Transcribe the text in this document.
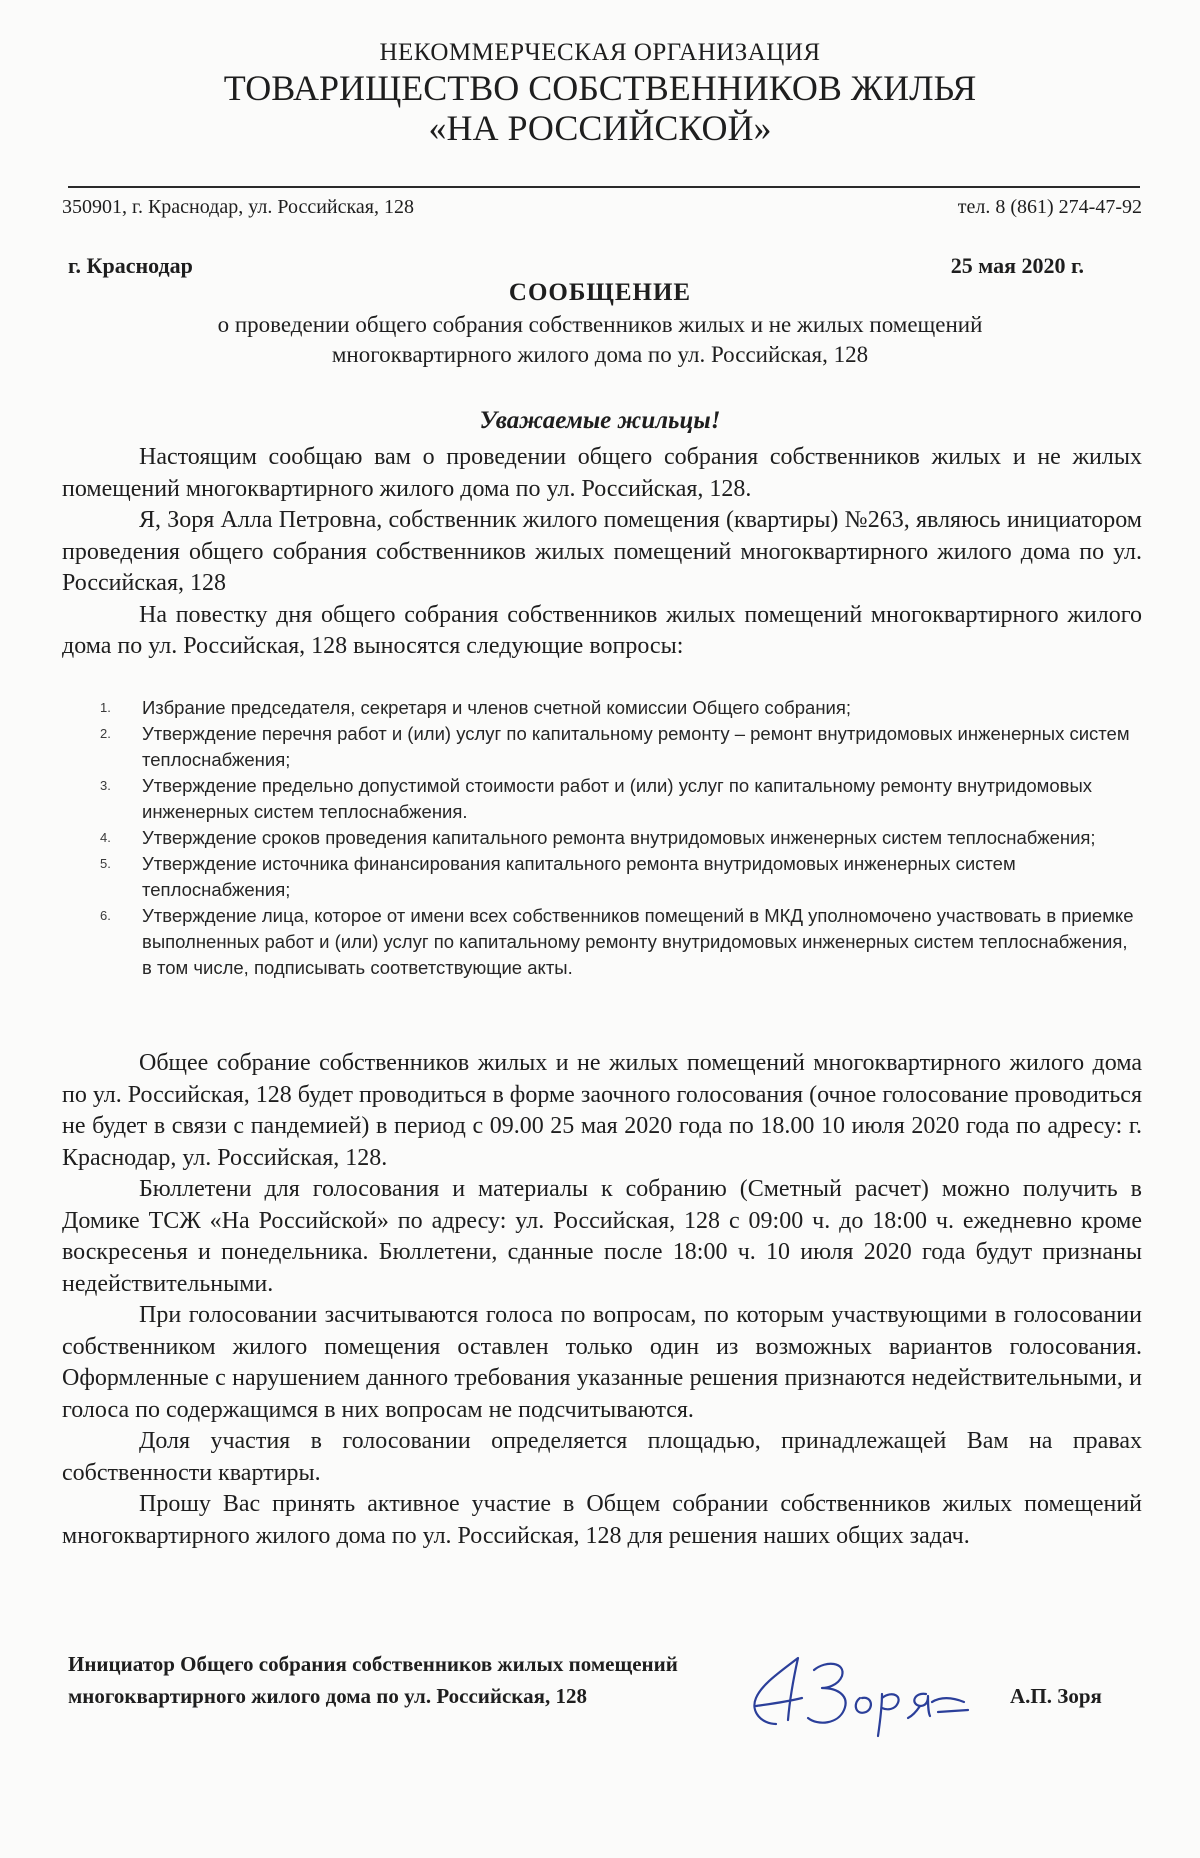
НЕКОММЕРЧЕСКАЯ ОРГАНИЗАЦИЯ
ТОВАРИЩЕСТВО СОБСТВЕННИКОВ ЖИЛЬЯ
«НА РОССИЙСКОЙ»
350901, г. Краснодар, ул. Российская, 128	тел. 8 (861) 274-47-92
г. Краснодар	25 мая 2020 г.
СООБЩЕНИЕ
о проведении общего собрания собственников жилых и не жилых помещений
многоквартирного жилого дома по ул. Российская, 128
Уважаемые жильцы!

Настоящим сообщаю вам о проведении общего собрания собственников жилых и не жилых помещений многоквартирного жилого дома по ул. Российская, 128.

Я, Зоря Алла Петровна, собственник жилого помещения (квартиры) №263, являюсь инициатором проведения общего собрания собственников жилых помещений многоквартирного жилого дома по ул. Российская, 128

На повестку дня общего собрания собственников жилых помещений многоквартирного жилого дома по ул. Российская, 128 выносятся следующие вопросы:

1.	Избрание председателя, секретаря и членов счетной комиссии Общего собрания;
2.	Утверждение перечня работ и (или) услуг по капитальному ремонту – ремонт внутридомовых инженерных систем теплоснабжения;
3.	Утверждение предельно допустимой стоимости работ и (или) услуг по капитальному ремонту внутридомовых инженерных систем теплоснабжения.
4.	Утверждение сроков проведения капитального ремонта внутридомовых инженерных систем теплоснабжения;
5.	Утверждение источника финансирования капитального ремонта внутридомовых инженерных систем теплоснабжения;
6.	Утверждение лица, которое от имени всех собственников помещений в МКД уполномочено участвовать в приемке выполненных работ и (или) услуг по капитальному ремонту внутридомовых инженерных систем теплоснабжения, в том числе, подписывать соответствующие акты.

Общее собрание собственников жилых и не жилых помещений многоквартирного жилого дома по ул. Российская, 128 будет проводиться в форме заочного голосования (очное голосование проводиться не будет в связи с пандемией) в период с 09.00 25 мая 2020 года по 18.00 10 июля 2020 года по адресу: г. Краснодар, ул. Российская, 128.

Бюллетени для голосования и материалы к собранию (Сметный расчет) можно получить в Домике ТСЖ «На Российской» по адресу: ул. Российская, 128 с 09:00 ч. до 18:00 ч. ежедневно кроме воскресенья и понедельника. Бюллетени, сданные после 18:00 ч. 10 июля 2020 года будут признаны недействительными.

При голосовании засчитываются голоса по вопросам, по которым участвующими в голосовании собственником жилого помещения оставлен только один из возможных вариантов голосования. Оформленные с нарушением данного требования указанные решения признаются недействительными, и голоса по содержащимся в них вопросам не подсчитываются.

Доля участия в голосовании определяется площадью, принадлежащей Вам на правах собственности квартиры.

Прошу Вас принять активное участие в Общем собрании собственников жилых помещений многоквартирного жилого дома по ул. Российская, 128 для решения наших общих задач.

Инициатор Общего собрания собственников жилых помещений
многоквартирного жилого дома по ул. Российская, 128	А.П. Зоря
